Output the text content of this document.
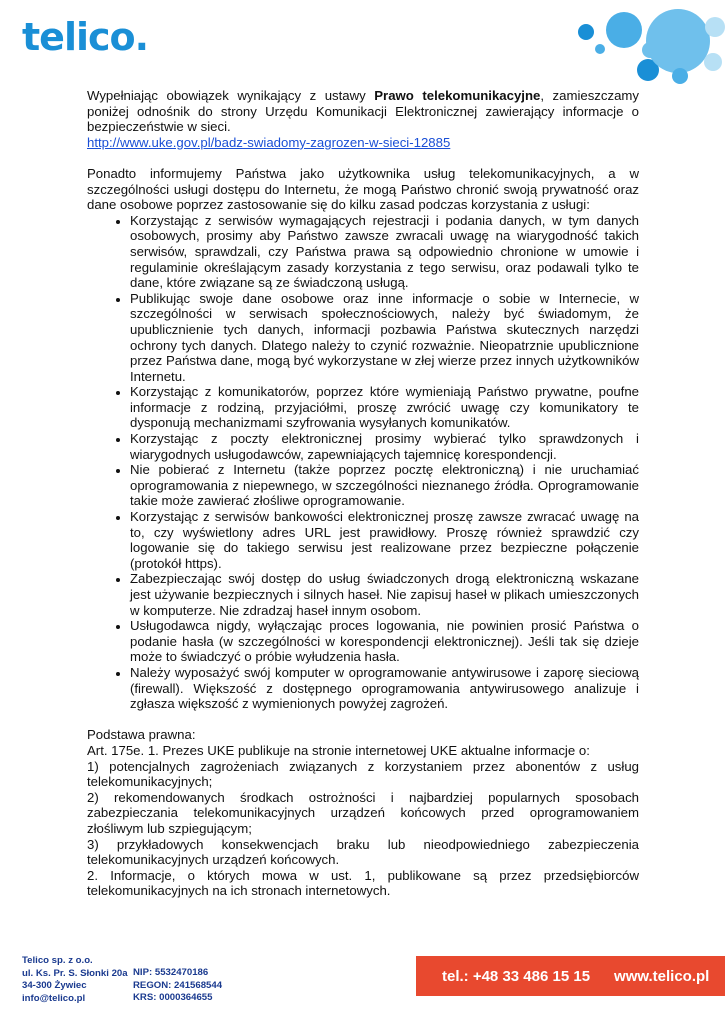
telico.

Wypełniając obowiązek wynikający z ustawy Prawo telekomunikacyjne, zamieszczamy poniżej odnośnik do strony Urzędu Komunikacji Elektronicznej zawierający informacje o bezpieczeństwie w sieci.

http://www.uke.gov.pl/badz-swiadomy-zagrozen-w-sieci-12885

Ponadto informujemy Państwa jako użytkownika usług telekomunikacyjnych, a w szczególności usługi dostępu do Internetu, że mogą Państwo chronić swoją prywatność oraz dane osobowe poprzez zastosowanie się do kilku zasad podczas korzystania z usługi:

• Korzystając z serwisów wymagających rejestracji i podania danych, w tym danych osobowych, prosimy aby Państwo zawsze zwracali uwagę na wiarygodność takich serwisów, sprawdzali, czy Państwa prawa są odpowiednio chronione w umowie i regulaminie określającym zasady korzystania z tego serwisu, oraz podawali tylko te dane, które związane są ze świadczoną usługą.
• Publikując swoje dane osobowe oraz inne informacje o sobie w Internecie, w szczególności w serwisach społecznościowych, należy być świadomym, że upublicznienie tych danych, informacji pozbawia Państwa skutecznych narzędzi ochrony tych danych. Dlatego należy to czynić rozważnie. Nieopatrznie upublicznione przez Państwa dane, mogą być wykorzystane w złej wierze przez innych użytkowników Internetu.
• Korzystając z komunikatorów, poprzez które wymieniają Państwo prywatne, poufne informacje z rodziną, przyjaciółmi, proszę zwrócić uwagę czy komunikatory te dysponują mechanizmami szyfrowania wysyłanych komunikatów.
• Korzystając z poczty elektronicznej prosimy wybierać tylko sprawdzonych i wiarygodnych usługodawców, zapewniających tajemnicę korespondencji.
• Nie pobierać z Internetu (także poprzez pocztę elektroniczną) i nie uruchamiać oprogramowania z niepewnego, w szczególności nieznanego źródła. Oprogramowanie takie może zawierać złośliwe oprogramowanie.
• Korzystając z serwisów bankowości elektronicznej proszę zawsze zwracać uwagę na to, czy wyświetlony adres URL jest prawidłowy. Proszę również sprawdzić czy logowanie się do takiego serwisu jest realizowane przez bezpieczne połączenie (protokół https).
• Zabezpieczając swój dostęp do usług świadczonych drogą elektroniczną wskazane jest używanie bezpiecznych i silnych haseł. Nie zapisuj haseł w plikach umieszczonych w komputerze. Nie zdradzaj haseł innym osobom.
• Usługodawca nigdy, wyłączając proces logowania, nie powinien prosić Państwa o podanie hasła (w szczególności w korespondencji elektronicznej). Jeśli tak się dzieje może to świadczyć o próbie wyłudzenia hasła.
• Należy wyposażyć swój komputer w oprogramowanie antywirusowe i zaporę sieciową (firewall). Większość z dostępnego oprogramowania antywirusowego analizuje i zgłasza większość z wymienionych powyżej zagrożeń.

Podstawa prawna:

Art. 175e. 1. Prezes UKE publikuje na stronie internetowej UKE aktualne informacje o:

1) potencjalnych zagrożeniach związanych z korzystaniem przez abonentów z usług telekomunikacyjnych;

2) rekomendowanych środkach ostrożności i najbardziej popularnych sposobach zabezpieczania telekomunikacyjnych urządzeń końcowych przed oprogramowaniem złośliwym lub szpiegującym;

3) przykładowych konsekwencjach braku lub nieodpowiedniego zabezpieczenia telekomunikacyjnych urządzeń końcowych.

2. Informacje, o których mowa w ust. 1, publikowane są przez przedsiębiorców telekomunikacyjnych na ich stronach internetowych.

Telico sp. z o.o.
ul. Ks. Pr. S. Słonki 20a
34-300 Żywiec
info@telico.pl
NIP: 5532470186
REGON: 241568544
KRS: 0000364655
tel.: +48 33 486 15 15 www.telico.pl
